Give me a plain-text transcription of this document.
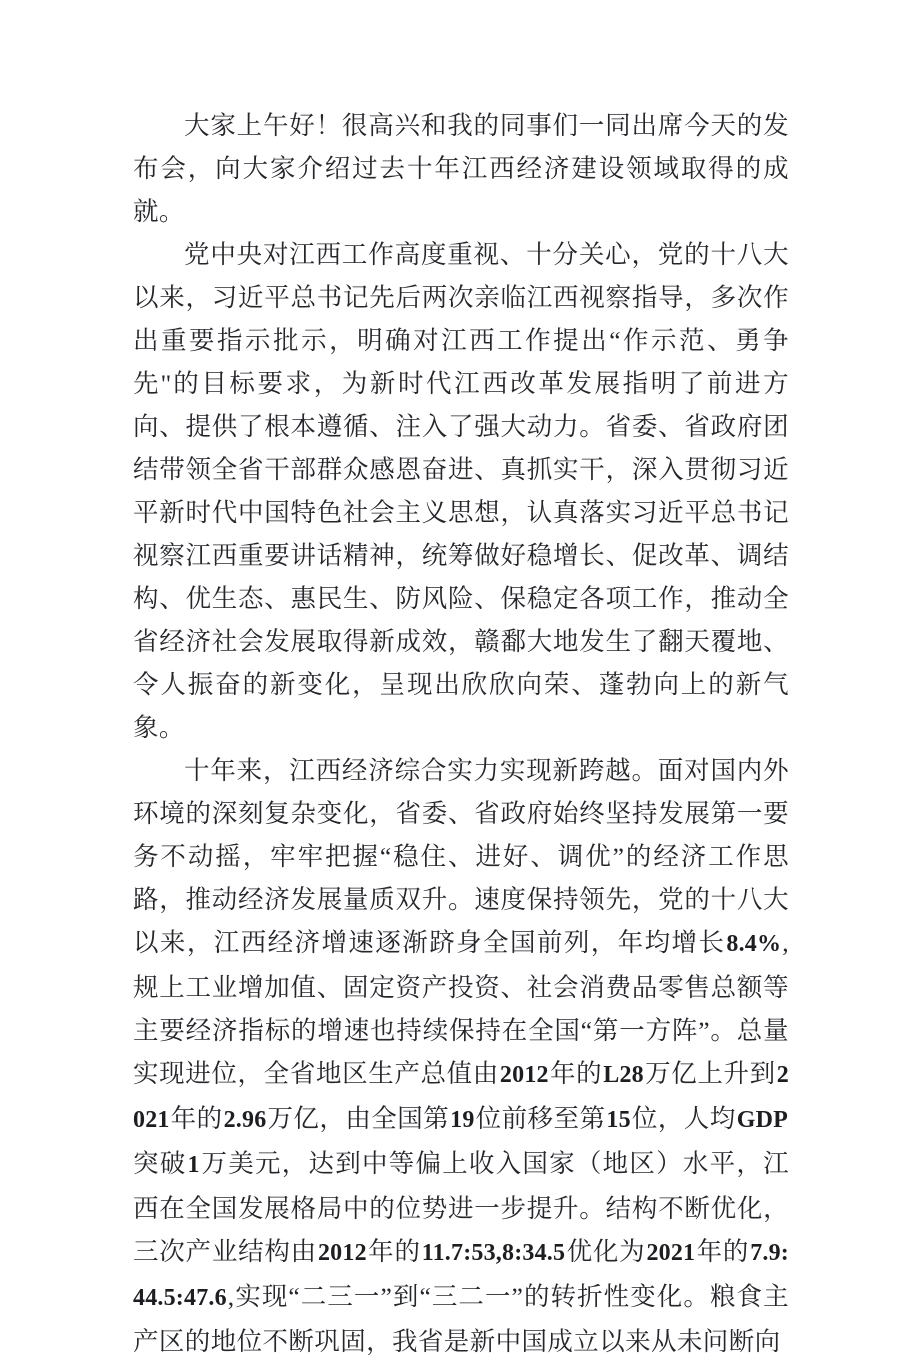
大家上午好！很高兴和我的同事们一同出席今天的发布会，向大家介绍过去十年江西经济建设领域取得的成就。

党中央对江西工作高度重视、十分关心，党的十八大以来，习近平总书记先后两次亲临江西视察指导，多次作出重要指示批示，明确对江西工作提出“作示范、勇争先''的目标要求，为新时代江西改革发展指明了前进方向、提供了根本遵循、注入了强大动力。省委、省政府团结带领全省干部群众感恩奋进、真抓实干，深入贯彻习近平新时代中国特色社会主义思想，认真落实习近平总书记视察江西重要讲话精神，统筹做好稳增长、促改革、调结构、优生态、惠民生、防风险、保稳定各项工作，推动全省经济社会发展取得新成效，赣鄱大地发生了翻天覆地、令人振奋的新变化，呈现出欣欣向荣、蓬勃向上的新气象。

十年来，江西经济综合实力实现新跨越。面对国内外环境的深刻复杂变化，省委、省政府始终坚持发展第一要务不动摇，牢牢把握“稳住、进好、调优”的经济工作思路，推动经济发展量质双升。速度保持领先，党的十八大以来，江西经济增速逐渐跻身全国前列，年均增长8.4%,规上工业增加值、固定资产投资、社会消费品零售总额等主要经济指标的增速也持续保持在全国“第一方阵”。总量实现进位，全省地区生产总值由2012年的L28万亿上升到2021年的2.96万亿，由全国第19位前移至第15位，人均GDP突破1万美元，达到中等偏上收入国家（地区）水平，江西在全国发展格局中的位势进一步提升。结构不断优化，三次产业结构由2012年的11.7:53,8:34.5优化为2021年的7.9:44.5:47.6,实现“二三一”到“三二一”的转折性变化。粮食主产区的地位不断巩固，我省是新中国成立以来从未问断向
